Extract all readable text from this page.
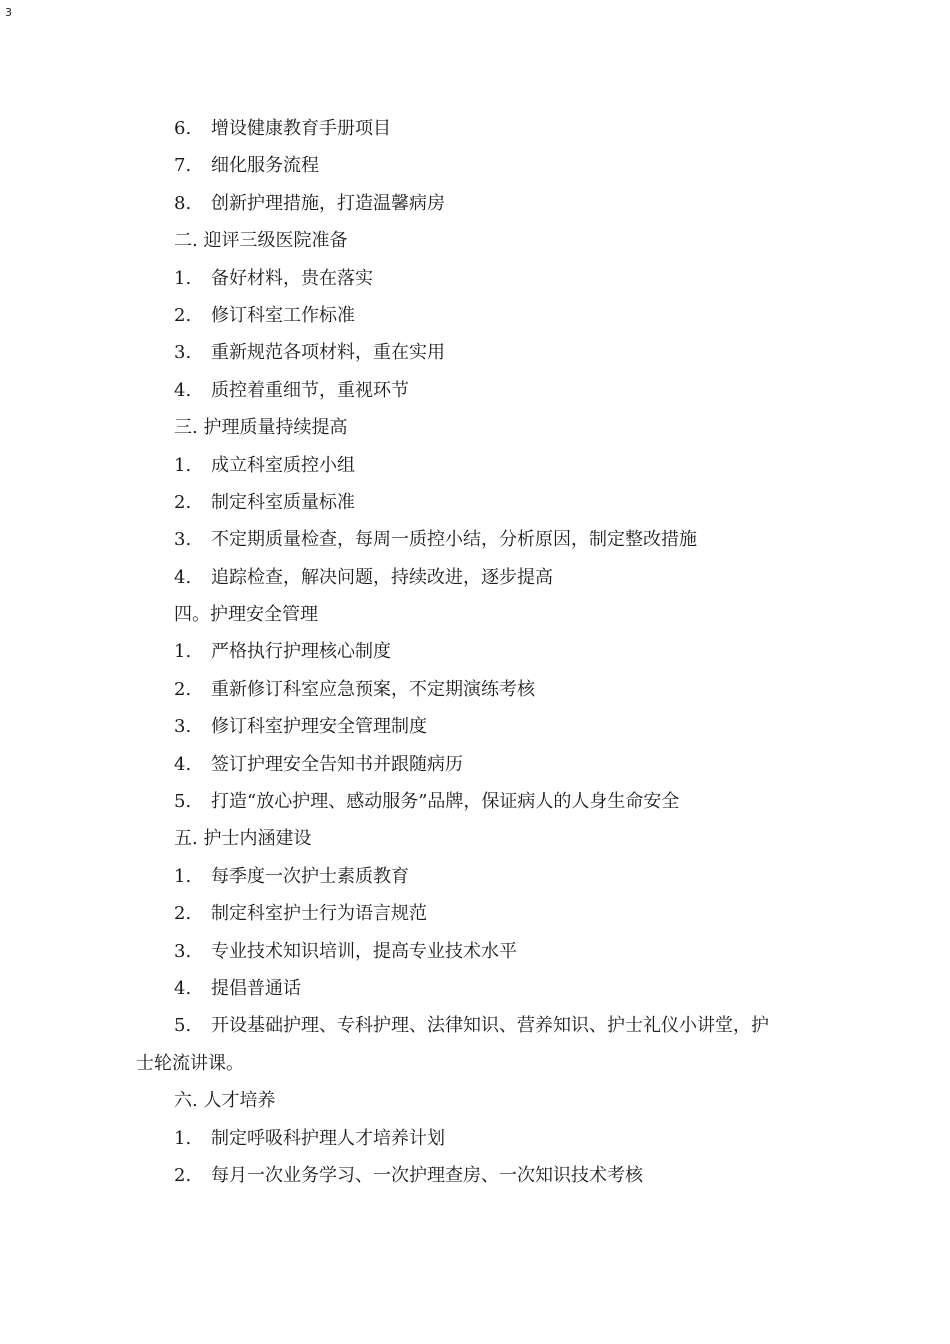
3
6. 增设健康教育手册项目
7. 细化服务流程
8. 创新护理措施，打造温馨病房
二. 迎评三级医院准备
1. 备好材料，贵在落实
2. 修订科室工作标准
3. 重新规范各项材料，重在实用
4. 质控着重细节，重视环节
三. 护理质量持续提高
1. 成立科室质控小组
2. 制定科室质量标准
3. 不定期质量检查，每周一质控小结，分析原因，制定整改措施
4. 追踪检查，解决问题，持续改进，逐步提高
四。护理安全管理
1. 严格执行护理核心制度
2. 重新修订科室应急预案，不定期演练考核
3. 修订科室护理安全管理制度
4. 签订护理安全告知书并跟随病历
5. 打造“放心护理、感动服务”品牌，保证病人的人身生命安全
五. 护士内涵建设
1. 每季度一次护士素质教育
2. 制定科室护士行为语言规范
3. 专业技术知识培训，提高专业技术水平
4. 提倡普通话
5. 开设基础护理、专科护理、法律知识、营养知识、护士礼仪小讲堂，护
士轮流讲课。
六. 人才培养
1. 制定呼吸科护理人才培养计划
2. 每月一次业务学习、一次护理查房、一次知识技术考核
